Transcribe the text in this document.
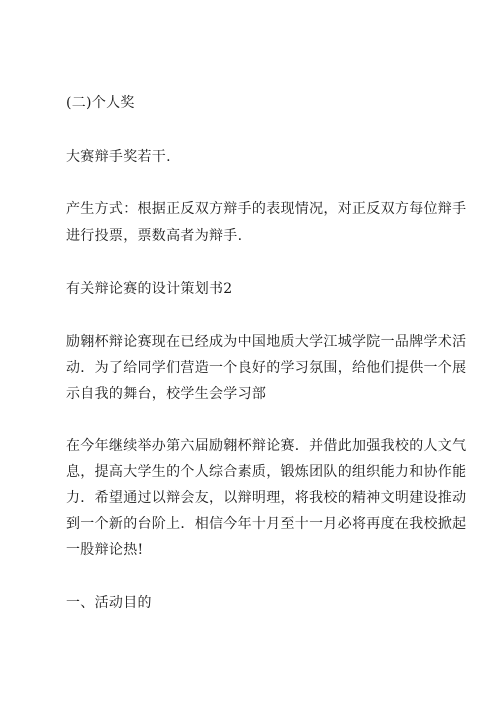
(二)个人奖
大赛辩手奖若干.
产生方式：根据正反双方辩手的表现情况，对正反双方每位辩手
进行投票，票数高者为辩手.
有关辩论赛的设计策划书2
励翱杯辩论赛现在已经成为中国地质大学江城学院一品牌学术活
动．为了给同学们营造一个良好的学习氛围，给他们提供一个展
示自我的舞台，校学生会学习部
在今年继续举办第六届励翱杯辩论赛．并借此加强我校的人文气
息，提高大学生的个人综合素质，锻炼团队的组织能力和协作能
力．希望通过以辩会友，以辩明理，将我校的精神文明建设推动
到一个新的台阶上．相信今年十月至十一月必将再度在我校掀起
一股辩论热!
一、活动目的
